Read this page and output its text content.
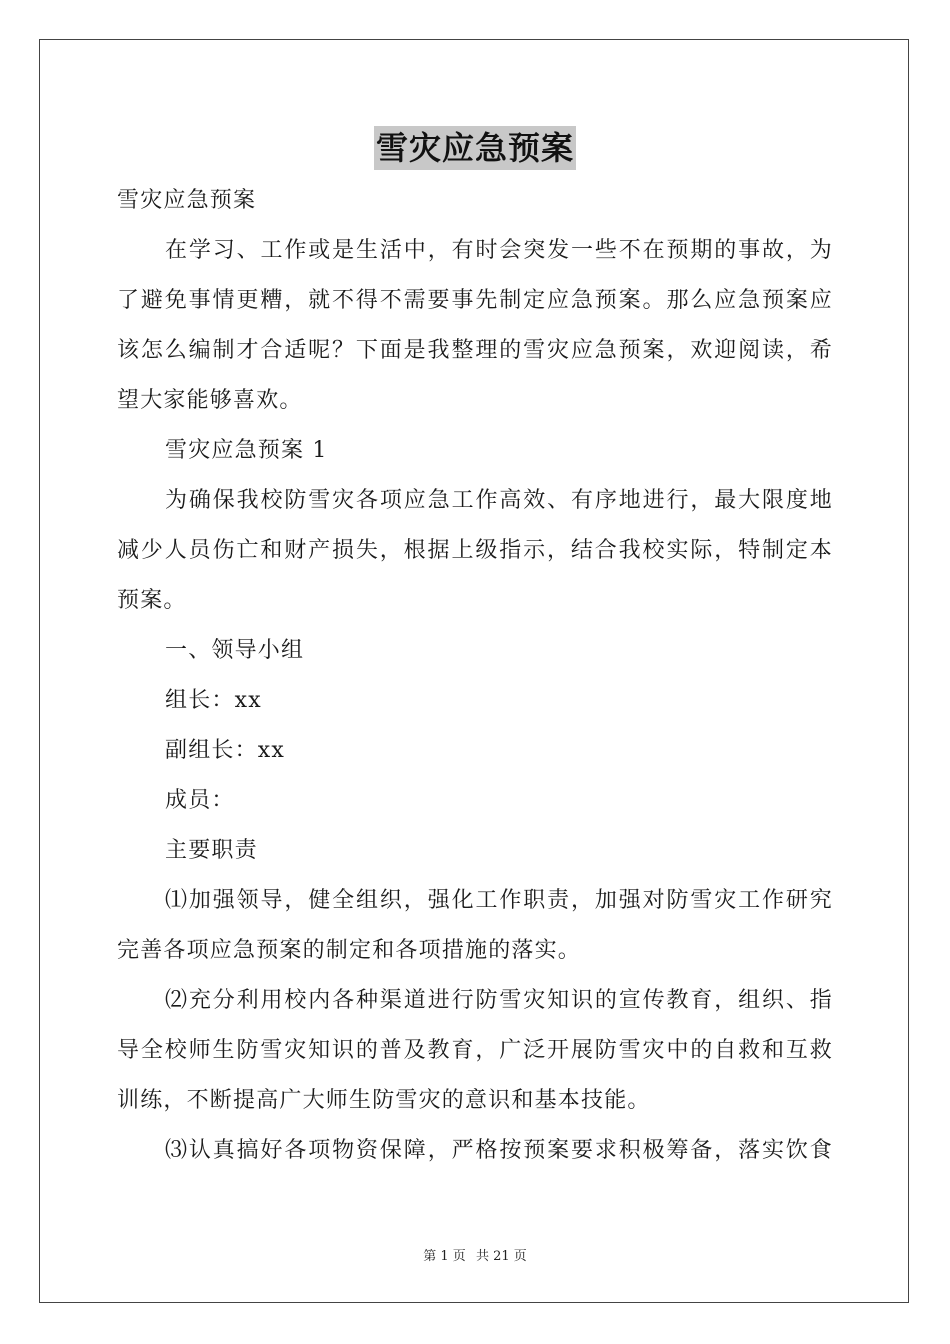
雪灾应急预案
雪灾应急预案
在学习、工作或是生活中，有时会突发一些不在预期的事故，为
了避免事情更糟，就不得不需要事先制定应急预案。那么应急预案应
该怎么编制才合适呢？下面是我整理的雪灾应急预案，欢迎阅读，希
望大家能够喜欢。
雪灾应急预案 1
为确保我校防雪灾各项应急工作高效、有序地进行，最大限度地
减少人员伤亡和财产损失，根据上级指示，结合我校实际，特制定本
预案。
一、领导小组
组长：xx
副组长：xx
成员：
主要职责
⑴加强领导，健全组织，强化工作职责，加强对防雪灾工作研究
完善各项应急预案的制定和各项措施的落实。
⑵充分利用校内各种渠道进行防雪灾知识的宣传教育，组织、指
导全校师生防雪灾知识的普及教育，广泛开展防雪灾中的自救和互救
训练，不断提高广大师生防雪灾的意识和基本技能。
⑶认真搞好各项物资保障，严格按预案要求积极筹备，落实饮食
第 1 页 共 21 页
